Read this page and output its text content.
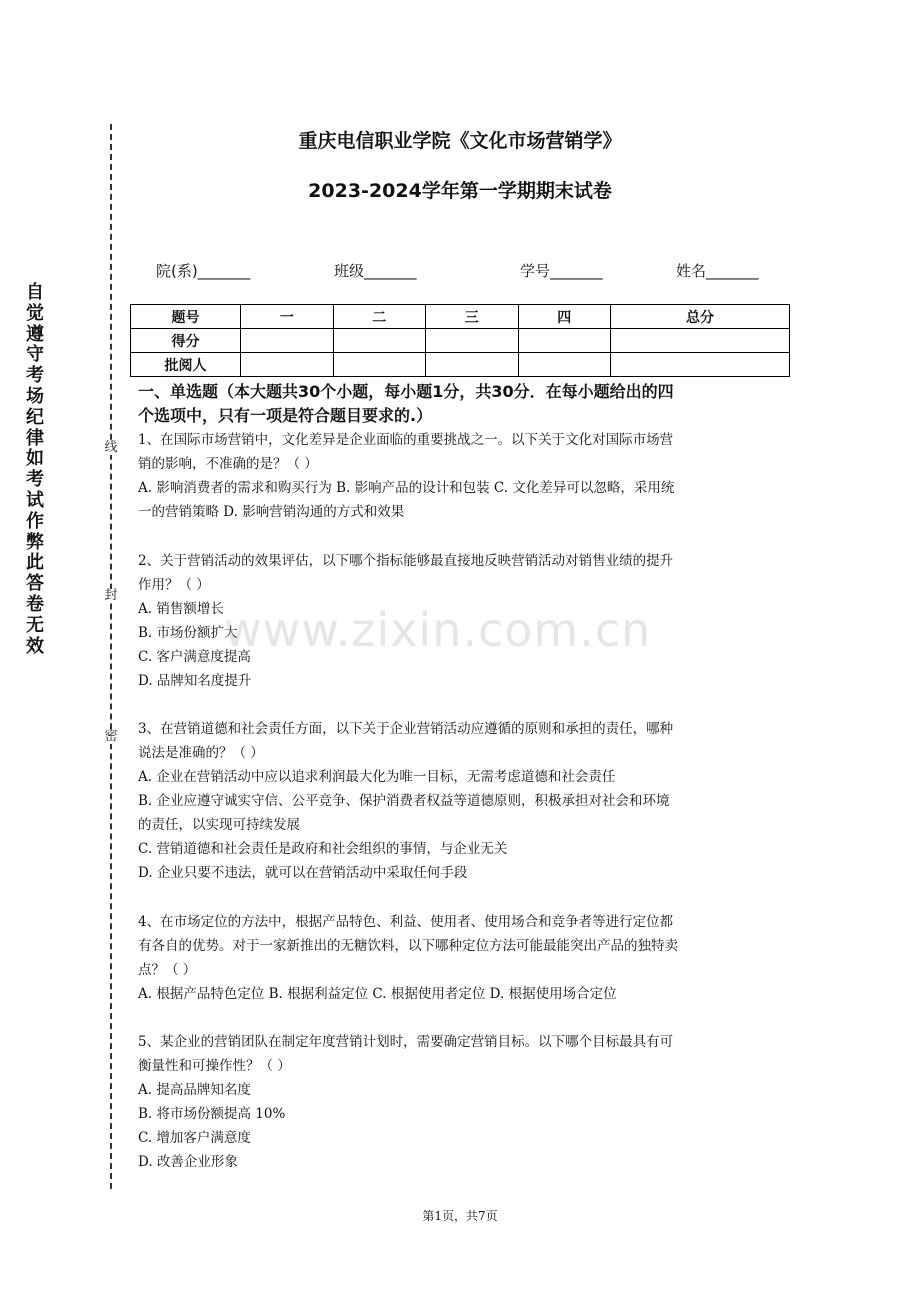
自觉遵守考场纪律如考试作弊此答卷无效
线
封
密
重庆电信职业学院《文化市场营销学》
2023-2024学年第一学期期末试卷
院(系)_______	班级_______	学号_______	姓名_______
题号	一	二	三	四	总分
得分					
批阅人					
一、单选题（本大题共30个小题，每小题1分，共30分．在每小题给出的四
个选项中，只有一项是符合题目要求的.）
1、在国际市场营销中，文化差异是企业面临的重要挑战之一。以下关于文化对国际市场营
销的影响，不准确的是？（ ）
A. 影响消费者的需求和购买行为 B. 影响产品的设计和包装 C. 文化差异可以忽略，采用统
一的营销策略 D. 影响营销沟通的方式和效果
2、关于营销活动的效果评估，以下哪个指标能够最直接地反映营销活动对销售业绩的提升
作用？（ ）
A. 销售额增长
B. 市场份额扩大
C. 客户满意度提高
D. 品牌知名度提升
3、在营销道德和社会责任方面，以下关于企业营销活动应遵循的原则和承担的责任，哪种
说法是准确的？（ ）
A. 企业在营销活动中应以追求利润最大化为唯一目标，无需考虑道德和社会责任
B. 企业应遵守诚实守信、公平竞争、保护消费者权益等道德原则，积极承担对社会和环境
的责任，以实现可持续发展
C. 营销道德和社会责任是政府和社会组织的事情，与企业无关
D. 企业只要不违法，就可以在营销活动中采取任何手段
4、在市场定位的方法中，根据产品特色、利益、使用者、使用场合和竞争者等进行定位都
有各自的优势。对于一家新推出的无糖饮料，以下哪种定位方法可能最能突出产品的独特卖
点？（ ）
A. 根据产品特色定位 B. 根据利益定位 C. 根据使用者定位 D. 根据使用场合定位
5、某企业的营销团队在制定年度营销计划时，需要确定营销目标。以下哪个目标最具有可
衡量性和可操作性？（ ）
A. 提高品牌知名度
B. 将市场份额提高 10%
C. 增加客户满意度
D. 改善企业形象
www.zixin.com.cn
第1页，共7页
